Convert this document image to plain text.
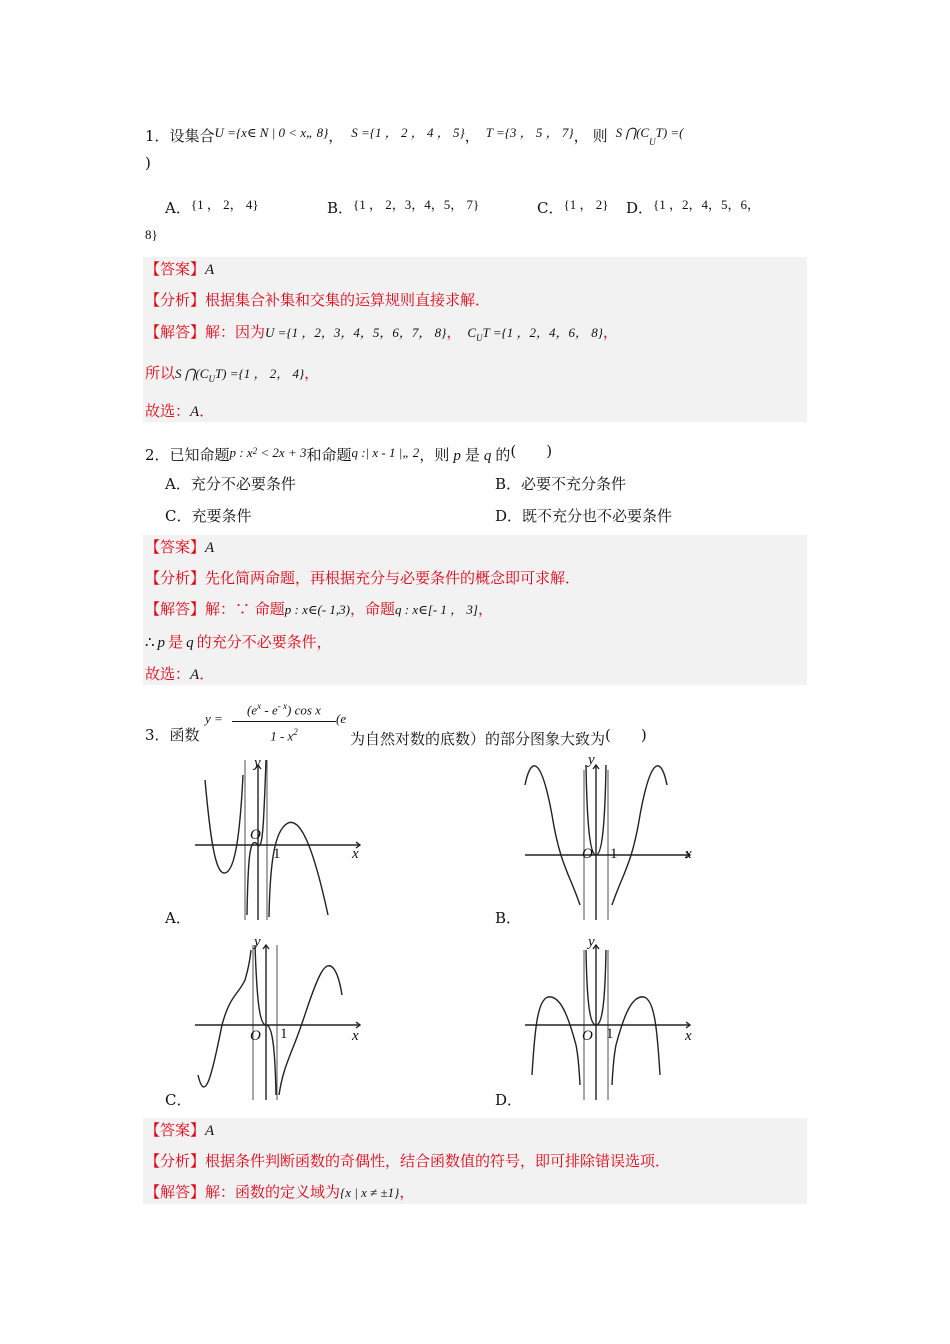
1．设集合U ={x∈ N | 0 < x„ 8}， S ={1 ， 2 ， 4 ， 5}， T ={3 ， 5 ， 7}， 则 S $⋂(C_UT)$ =(
)
A．{1 ， 2， 4}	B．{1 ， 2，3，4，5， 7}	C．{1 ， 2} D．{1 ，2，4，5，6，
8}
【答案】A
【分析】根据集合补集和交集的运算规则直接求解．
【解答】解：因为U ={1 ，2，3，4，5，6，7， 8}， $C_UT =\{1$ ，2，4，6， 8}，
所以S $⋂(C_UT) =\{1$ ， 2， 4}，
故选：A．
2．已知命题p : $x^2 < 2x + 3$和命题q :| x - 1 |„ 2，则 p 是 q 的(　　)
A．充分不必要条件	B．必要不充分条件
C．充要条件	D．既不充分也不必要条件
【答案】A
【分析】先化简两命题，再根据充分与必要条件的概念即可求解．
【解答】解：∵ 命题p : x∈(- 1,3)，命题q : x∈[- 1 ， 3]，
∴ p 是 q 的充分不必要条件，
故选：A．
3．函数
$y = \frac{(e^x - e^{- x}) \cos x}{1 - x^2} (e$
为自然对数的底数）的部分图象大致为(　　)
y
O
1	x
A．
y
O 1	x
B．
y
O 1	x
C．
y
O 1	x
D．
【答案】A
【分析】根据条件判断函数的奇偶性，结合函数值的符号，即可排除错误选项．
【解答】解：函数的定义域为{x | x ≠ ±1}，
